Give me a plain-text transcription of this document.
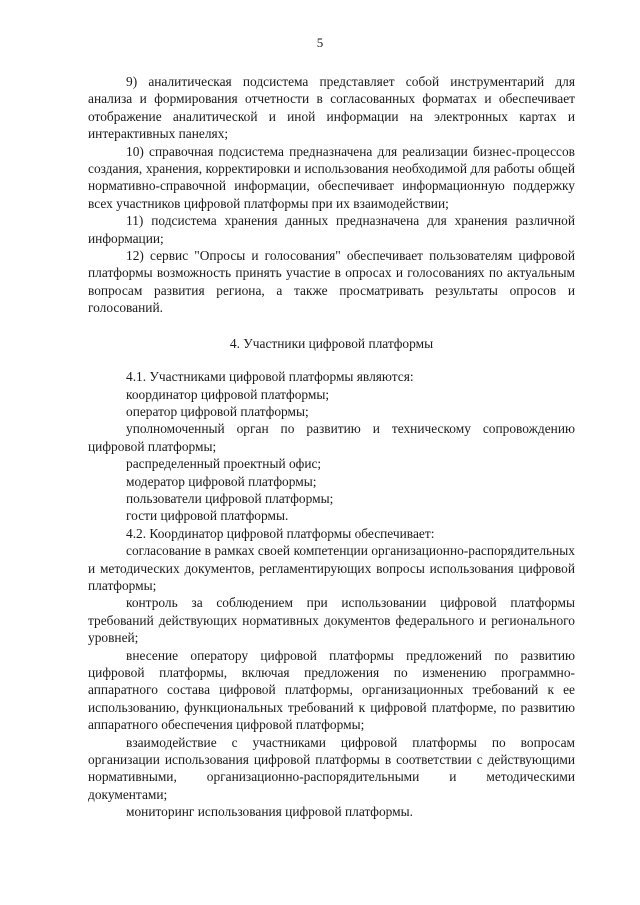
5

9) аналитическая подсистема представляет собой инструментарий для анализа и формирования отчетности в согласованных форматах и обеспечивает отображение аналитической и иной информации на электронных картах и интерактивных панелях;

10) справочная подсистема предназначена для реализации бизнес-процессов создания, хранения, корректировки и использования необходимой для работы общей нормативно-справочной информации, обеспечивает информационную поддержку всех участников цифровой платформы при их взаимодействии;

11) подсистема хранения данных предназначена для хранения различной информации;

12) сервис "Опросы и голосования" обеспечивает пользователям цифровой платформы возможность принять участие в опросах и голосованиях по актуальным вопросам развития региона, а также просматривать результаты опросов и голосований.

4. Участники цифровой платформы

4.1. Участниками цифровой платформы являются:

координатор цифровой платформы;

оператор цифровой платформы;

уполномоченный орган по развитию и техническому сопровождению цифровой платформы;

распределенный проектный офис;

модератор цифровой платформы;

пользователи цифровой платформы;

гости цифровой платформы.

4.2. Координатор цифровой платформы обеспечивает:

согласование в рамках своей компетенции организационно-распорядительных и методических документов, регламентирующих вопросы использования цифровой платформы;

контроль за соблюдением при использовании цифровой платформы требований действующих нормативных документов федерального и регионального уровней;

внесение оператору цифровой платформы предложений по развитию цифровой платформы, включая предложения по изменению программно-аппаратного состава цифровой платформы, организационных требований к ее использованию, функциональных требований к цифровой платформе, по развитию аппаратного обеспечения цифровой платформы;

взаимодействие с участниками цифровой платформы по вопросам организации использования цифровой платформы в соответствии с действующими нормативными, организационно-распорядительными и методическими документами;

мониторинг использования цифровой платформы.
